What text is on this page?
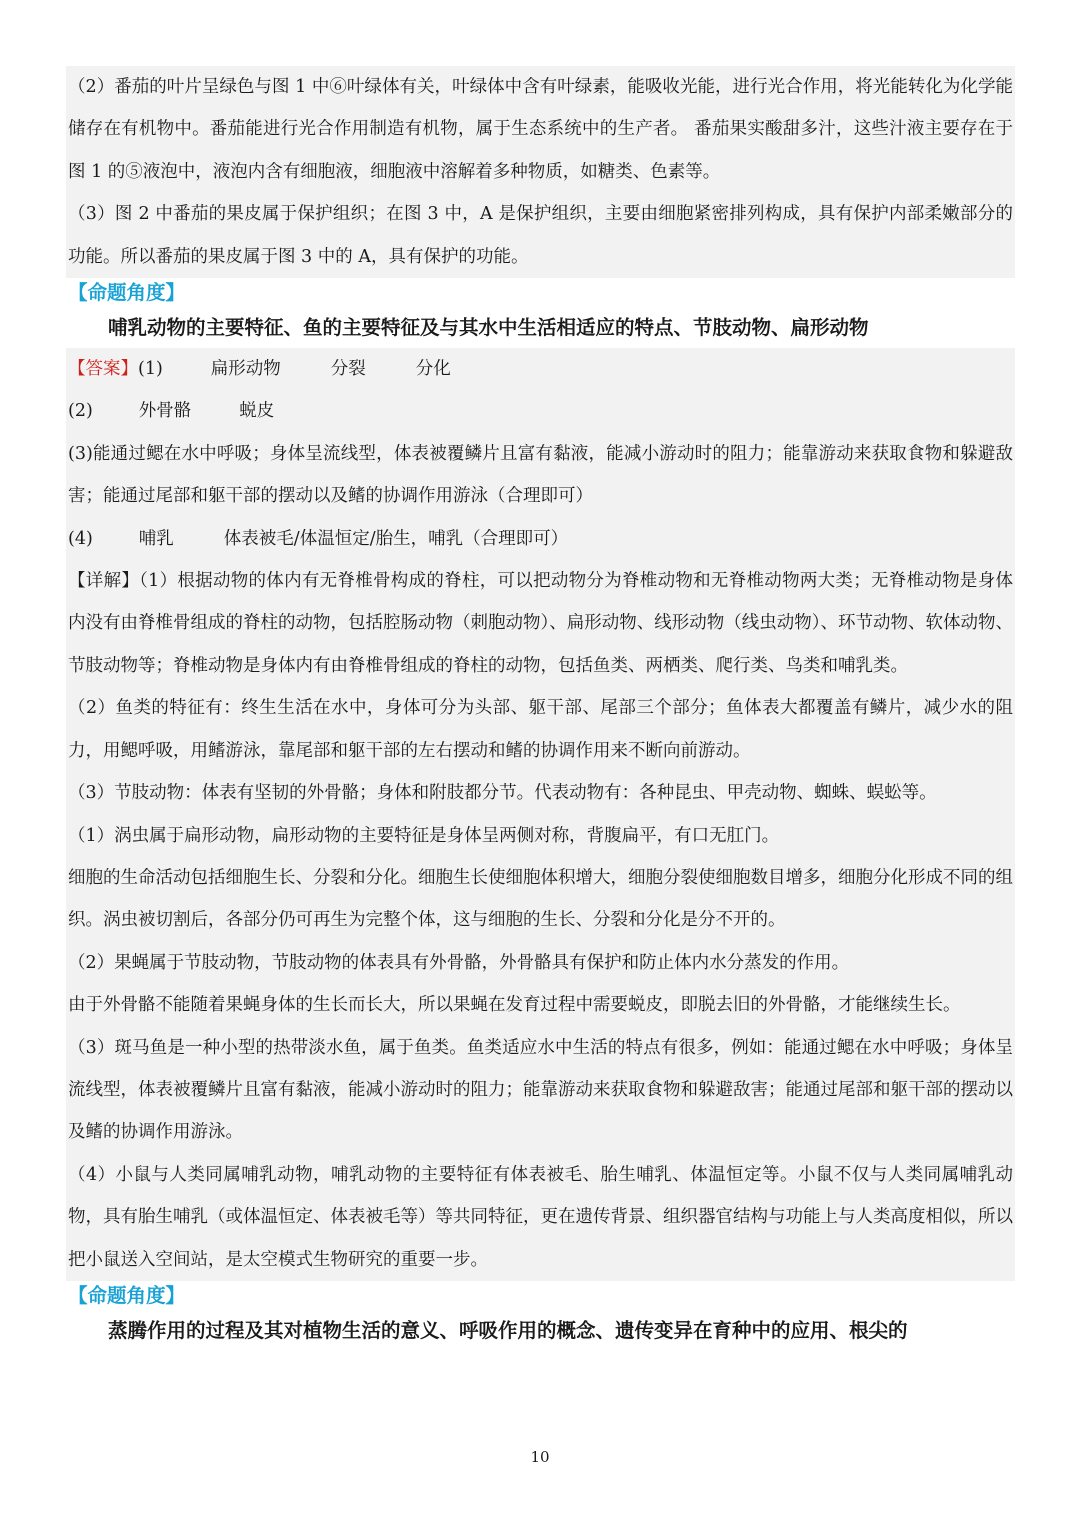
（2）番茄的叶片呈绿色与图 1 中⑥叶绿体有关，叶绿体中含有叶绿素，能吸收光能，进行光合作用，将光能转化为化学能储存在有机物中。番茄能进行光合作用制造有机物，属于生态系统中的生产者。 番茄果实酸甜多汁，这些汁液主要存在于图 1 的⑤液泡中，液泡内含有细胞液，细胞液中溶解着多种物质，如糖类、色素等。

（3）图 2 中番茄的果皮属于保护组织；在图 3 中，A 是保护组织，主要由细胞紧密排列构成，具有保护内部柔嫩部分的功能。所以番茄的果皮属于图 3 中的 A，具有保护的功能。

【命题角度】

哺乳动物的主要特征、鱼的主要特征及与其水中生活相适应的特点、节肢动物、扁形动物

【答案】 (1)	扁形动物	分裂	分化
(2)	外骨骼	蜕皮

(3)能通过鳃在水中呼吸；身体呈流线型，体表被覆鳞片且富有黏液，能减小游动时的阻力；能靠游动来获取食物和躲避敌害；能通过尾部和躯干部的摆动以及鳍的协调作用游泳（合理即可）

(4)	哺乳	体表被毛/体温恒定/胎生，哺乳（合理即可）

【详解】（1）根据动物的体内有无脊椎骨构成的脊柱，可以把动物分为脊椎动物和无脊椎动物两大类；无脊椎动物是身体内没有由脊椎骨组成的脊柱的动物，包括腔肠动物（刺胞动物）、扁形动物、线形动物（线虫动物）、环节动物、软体动物、节肢动物等；脊椎动物是身体内有由脊椎骨组成的脊柱的动物，包括鱼类、两栖类、爬行类、鸟类和哺乳类。

（2）鱼类的特征有：终生生活在水中，身体可分为头部、躯干部、尾部三个部分；鱼体表大都覆盖有鳞片，减少水的阻力，用鳃呼吸，用鳍游泳，靠尾部和躯干部的左右摆动和鳍的协调作用来不断向前游动。

（3）节肢动物：体表有坚韧的外骨骼；身体和附肢都分节。代表动物有：各种昆虫、甲壳动物、蜘蛛、蜈蚣等。

（1）涡虫属于扁形动物，扁形动物的主要特征是身体呈两侧对称，背腹扁平，有口无肛门。

细胞的生命活动包括细胞生长、分裂和分化。细胞生长使细胞体积增大，细胞分裂使细胞数目增多，细胞分化形成不同的组织。涡虫被切割后，各部分仍可再生为完整个体，这与细胞的生长、分裂和分化是分不开的。

（2）果蝇属于节肢动物，节肢动物的体表具有外骨骼，外骨骼具有保护和防止体内水分蒸发的作用。

由于外骨骼不能随着果蝇身体的生长而长大，所以果蝇在发育过程中需要蜕皮，即脱去旧的外骨骼，才能继续生长。

（3）斑马鱼是一种小型的热带淡水鱼，属于鱼类。鱼类适应水中生活的特点有很多，例如：能通过鳃在水中呼吸；身体呈流线型，体表被覆鳞片且富有黏液，能减小游动时的阻力；能靠游动来获取食物和躲避敌害；能通过尾部和躯干部的摆动以及鳍的协调作用游泳。

（4）小鼠与人类同属哺乳动物，哺乳动物的主要特征有体表被毛、胎生哺乳、体温恒定等。小鼠不仅与人类同属哺乳动物，具有胎生哺乳（或体温恒定、体表被毛等）等共同特征，更在遗传背景、组织器官结构与功能上与人类高度相似，所以把小鼠送入空间站，是太空模式生物研究的重要一步。

【命题角度】

蒸腾作用的过程及其对植物生活的意义、呼吸作用的概念、遗传变异在育种中的应用、根尖的

10
